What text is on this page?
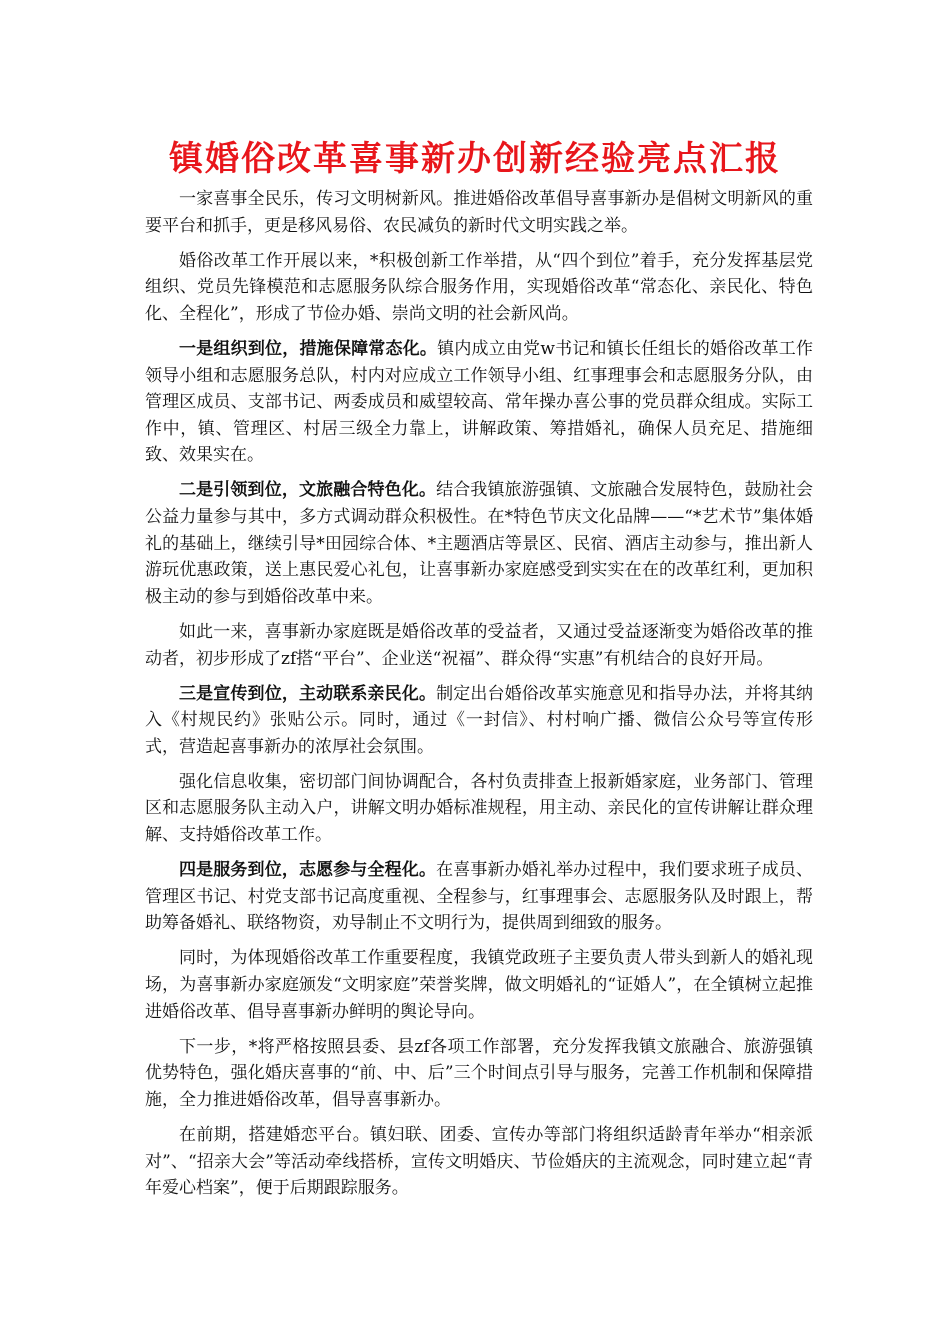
镇婚俗改革喜事新办创新经验亮点汇报

一家喜事全民乐，传习文明树新风。推进婚俗改革倡导喜事新办是倡树文明新风的重要平台和抓手，更是移风易俗、农民减负的新时代文明实践之举。

婚俗改革工作开展以来，*积极创新工作举措，从“四个到位”着手，充分发挥基层党组织、党员先锋模范和志愿服务队综合服务作用，实现婚俗改革“常态化、亲民化、特色化、全程化”，形成了节俭办婚、崇尚文明的社会新风尚。

一是组织到位，措施保障常态化。镇内成立由党w书记和镇长任组长的婚俗改革工作领导小组和志愿服务总队，村内对应成立工作领导小组、红事理事会和志愿服务分队，由管理区成员、支部书记、两委成员和威望较高、常年操办喜公事的党员群众组成。实际工作中，镇、管理区、村居三级全力靠上，讲解政策、筹措婚礼，确保人员充足、措施细致、效果实在。

二是引领到位，文旅融合特色化。结合我镇旅游强镇、文旅融合发展特色，鼓励社会公益力量参与其中，多方式调动群众积极性。在*特色节庆文化品牌——“*艺术节”集体婚礼的基础上，继续引导*田园综合体、*主题酒店等景区、民宿、酒店主动参与，推出新人游玩优惠政策，送上惠民爱心礼包，让喜事新办家庭感受到实实在在的改革红利，更加积极主动的参与到婚俗改革中来。

如此一来，喜事新办家庭既是婚俗改革的受益者，又通过受益逐渐变为婚俗改革的推动者，初步形成了zf搭“平台”、企业送“祝福”、群众得“实惠”有机结合的良好开局。

三是宣传到位，主动联系亲民化。制定出台婚俗改革实施意见和指导办法，并将其纳入《村规民约》张贴公示。同时，通过《一封信》、村村响广播、微信公众号等宣传形式，营造起喜事新办的浓厚社会氛围。

强化信息收集，密切部门间协调配合，各村负责排查上报新婚家庭，业务部门、管理区和志愿服务队主动入户，讲解文明办婚标准规程，用主动、亲民化的宣传讲解让群众理解、支持婚俗改革工作。

四是服务到位，志愿参与全程化。在喜事新办婚礼举办过程中，我们要求班子成员、管理区书记、村党支部书记高度重视、全程参与，红事理事会、志愿服务队及时跟上，帮助筹备婚礼、联络物资，劝导制止不文明行为，提供周到细致的服务。

同时，为体现婚俗改革工作重要程度，我镇党政班子主要负责人带头到新人的婚礼现场，为喜事新办家庭颁发“文明家庭”荣誉奖牌，做文明婚礼的“证婚人”，在全镇树立起推进婚俗改革、倡导喜事新办鲜明的舆论导向。

下一步，*将严格按照县委、县zf各项工作部署，充分发挥我镇文旅融合、旅游强镇优势特色，强化婚庆喜事的“前、中、后”三个时间点引导与服务，完善工作机制和保障措施，全力推进婚俗改革，倡导喜事新办。

在前期，搭建婚恋平台。镇妇联、团委、宣传办等部门将组织适龄青年举办“相亲派对”、“招亲大会”等活动牵线搭桥，宣传文明婚庆、节俭婚庆的主流观念，同时建立起“青年爱心档案”，便于后期跟踪服务。
